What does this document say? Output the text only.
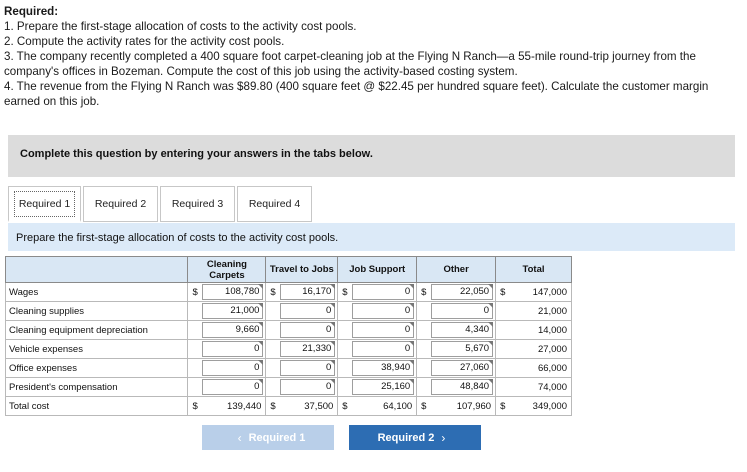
Required:
1. Prepare the first-stage allocation of costs to the activity cost pools.
2. Compute the activity rates for the activity cost pools.
3. The company recently completed a 400 square foot carpet-cleaning job at the Flying N Ranch—a 55-mile round-trip journey from the company's offices in Bozeman. Compute the cost of this job using the activity-based costing system.
4. The revenue from the Flying N Ranch was $89.80 (400 square feet @ $22.45 per hundred square feet). Calculate the customer margin earned on this job.
Complete this question by entering your answers in the tabs below.
Required 1	Required 2 Required 3 Required 4
Prepare the first-stage allocation of costs to the activity cost pools.
	Cleaning Carpets	Travel to Jobs	Job Support	Other	Total
Wages	$ 108,780	$ 16,170	$ 0	$ 22,050	$ 147,000

Cleaning supplies	21,000	0	0	0	21,000

Cleaning equipment depreciation	9,660	0	0	4,340	14,000

Vehicle expenses	0	21,330	0	5,670	27,000

Office expenses	0	0	38,940	27,060	66,000

President's compensation	0	0	25,160	48,840	74,000

Total cost	$ 139,440	$ 37,500	$ 64,100	$ 107,960	$ 349,000
‹ Required 1	Required 2 ›
